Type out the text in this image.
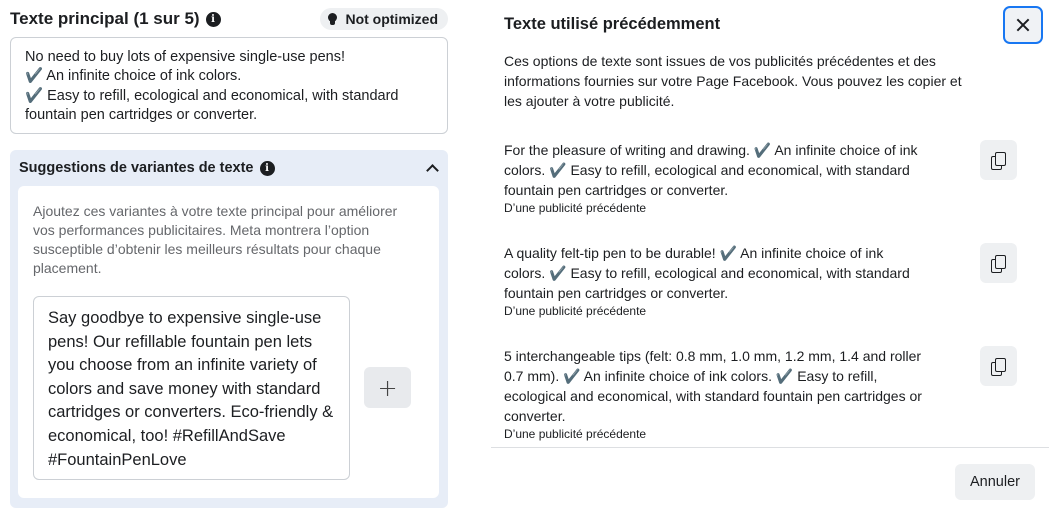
Texte principal (1 sur 5)	i	Not optimized
No need to buy lots of expensive single-use pens!
✔️ An infinite choice of ink colors.
✔️ Easy to refill, ecological and economical, with standard fountain pen cartridges or converter.
Suggestions de variantes de texte	i
Ajoutez ces variantes à votre texte principal pour améliorer vos performances publicitaires. Meta montrera l’option susceptible d’obtenir les meilleurs résultats pour chaque placement.
Say goodbye to expensive single-use pens! Our refillable fountain pen lets you choose from an infinite variety of colors and save money with standard cartridges or converters. Eco-friendly & economical, too! #RefillAndSave #FountainPenLove
+
Texte utilisé précédemment
Ces options de texte sont issues de vos publicités précédentes et des informations fournies sur votre Page Facebook. Vous pouvez les copier et les ajouter à votre publicité.
For the pleasure of writing and drawing. ✔️ An infinite choice of ink colors. ✔️ Easy to refill, ecological and economical, with standard fountain pen cartridges or converter.
D’une publicité précédente
A quality felt-tip pen to be durable! ✔️ An infinite choice of ink colors. ✔️ Easy to refill, ecological and economical, with standard fountain pen cartridges or converter.
D’une publicité précédente
5 interchangeable tips (felt: 0.8 mm, 1.0 mm, 1.2 mm, 1.4 and roller 0.7 mm). ✔️ An infinite choice of ink colors. ✔️ Easy to refill, ecological and economical, with standard fountain pen cartridges or converter.
D’une publicité précédente
Annuler
